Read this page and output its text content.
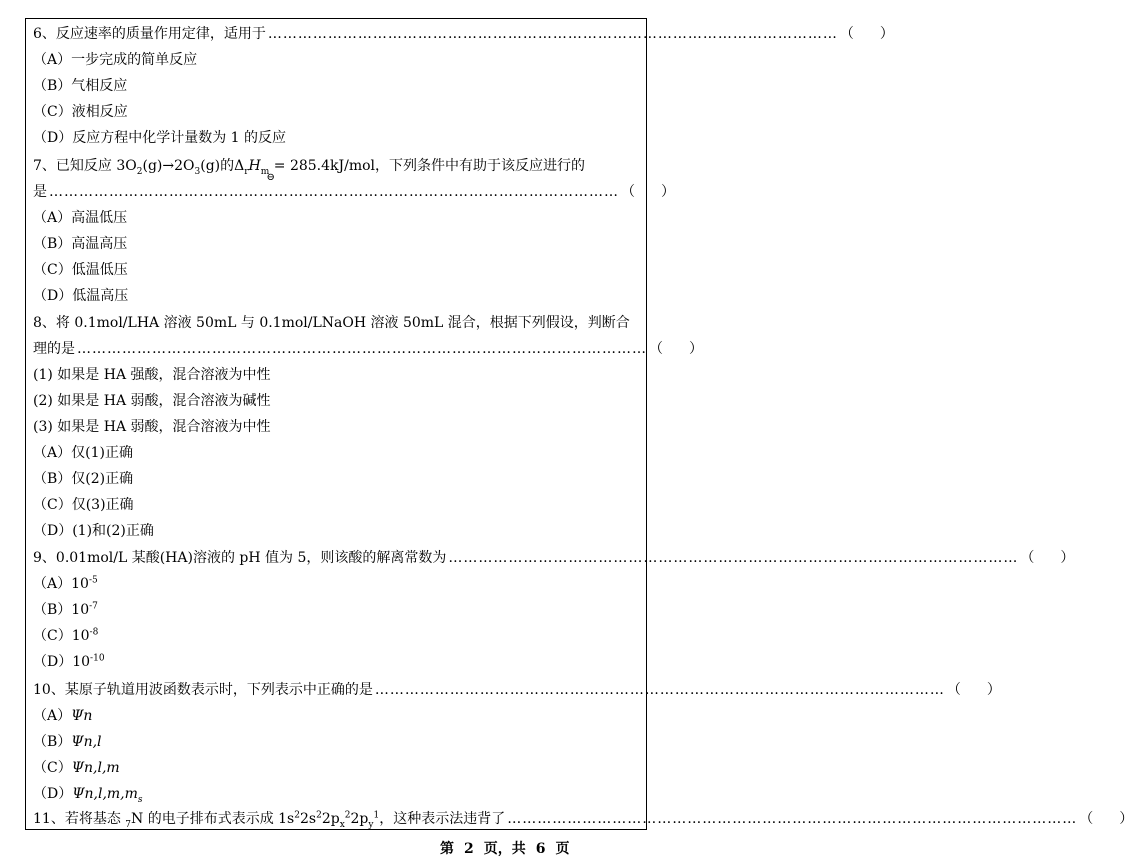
6、反应速率的质量作用定律，适用于 …………………………………………………………………………………………………… （ ）
（A）一步完成的简单反应
（B）气相反应
（C）液相反应
（D）反应方程中化学计量数为 1 的反应
7、已知反应 $3O_2(g)\to 2O_3(g)$的$\Delta_rH_m$
⊖
= 285.4kJ/mol，下列条件中有助于该反应进行的
是 …………………………………………………………………………………………………… （ ）
（A）高温低压
（B）高温高压
（C）低温低压
（D）低温高压
8、将 0.1mol/LHA 溶液 50mL 与 0.1mol/LNaOH 溶液 50mL 混合，根据下列假设，判断合
理的是 …………………………………………………………………………………………………… （ ）
(1) 如果是 HA 强酸，混合溶液为中性
(2) 如果是 HA 弱酸，混合溶液为碱性
(3) 如果是 HA 弱酸，混合溶液为中性
（A）仅(1)正确
（B）仅(2)正确
（C）仅(3)正确
（D）(1)和(2)正确
9、0.01mol/L 某酸(HA)溶液的 pH 值为 5，则该酸的解离常数为 …………………………………………………………………………………………………… （ ）
$(A)10^{-5}$
$(B)10^{-7}$
$(C)10^{-8}$
$(D)10^{-10}$
10、某原子轨道用波函数表示时，下列表示中正确的是 …………………………………………………………………………………………………… （ ）
（A）Ψn
（B）Ψn,l
（C）Ψn,l,m
$(D)\Psi n,l,m,m_s$
11、若将基态 $_7$N 的电子排布式表示成 $1s^22s^22p_x^22p_y^1$，这种表示法违背了 …………………………………………………………………………………………………… （ ）
第 2 页，共 6 页
